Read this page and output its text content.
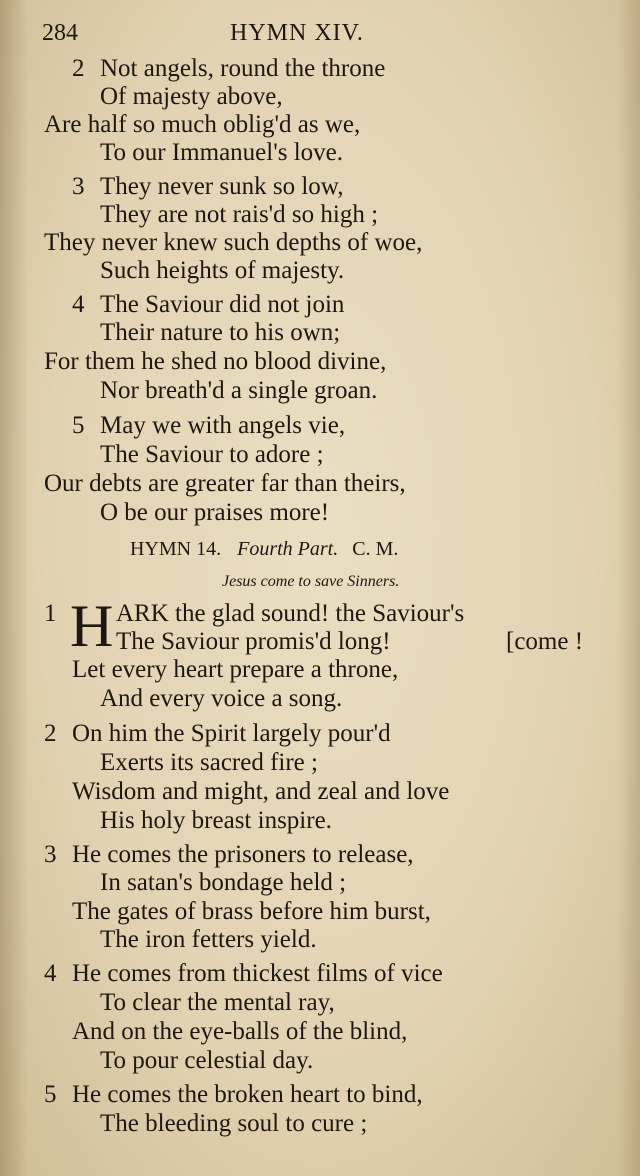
284	HYMN XIV.
2 Not angels, round the throne
Of majesty above,
Are half so much oblig'd as we,
To our Immanuel's love.
3 They never sunk so low,
They are not rais'd so high ;
They never knew such depths of woe,
Such heights of majesty.
4 The Saviour did not join
Their nature to his own;
For them he shed no blood divine,
Nor breath'd a single groan.
5 May we with angels vie,
The Saviour to adore ;
Our debts are greater far than theirs,
O be our praises more!
HYMN 14. Fourth Part. C. M.
Jesus come to save Sinners.
1 H ARK the glad sound! the Saviour's
The Saviour promis'd long!	[come !
Let every heart prepare a throne,
And every voice a song.
2 On him the Spirit largely pour'd
Exerts its sacred fire ;
Wisdom and might, and zeal and love
His holy breast inspire.
3 He comes the prisoners to release,
In satan's bondage held ;
The gates of brass before him burst,
The iron fetters yield.
4 He comes from thickest films of vice
To clear the mental ray,
And on the eye-balls of the blind,
To pour celestial day.
5 He comes the broken heart to bind,
The bleeding soul to cure ;
